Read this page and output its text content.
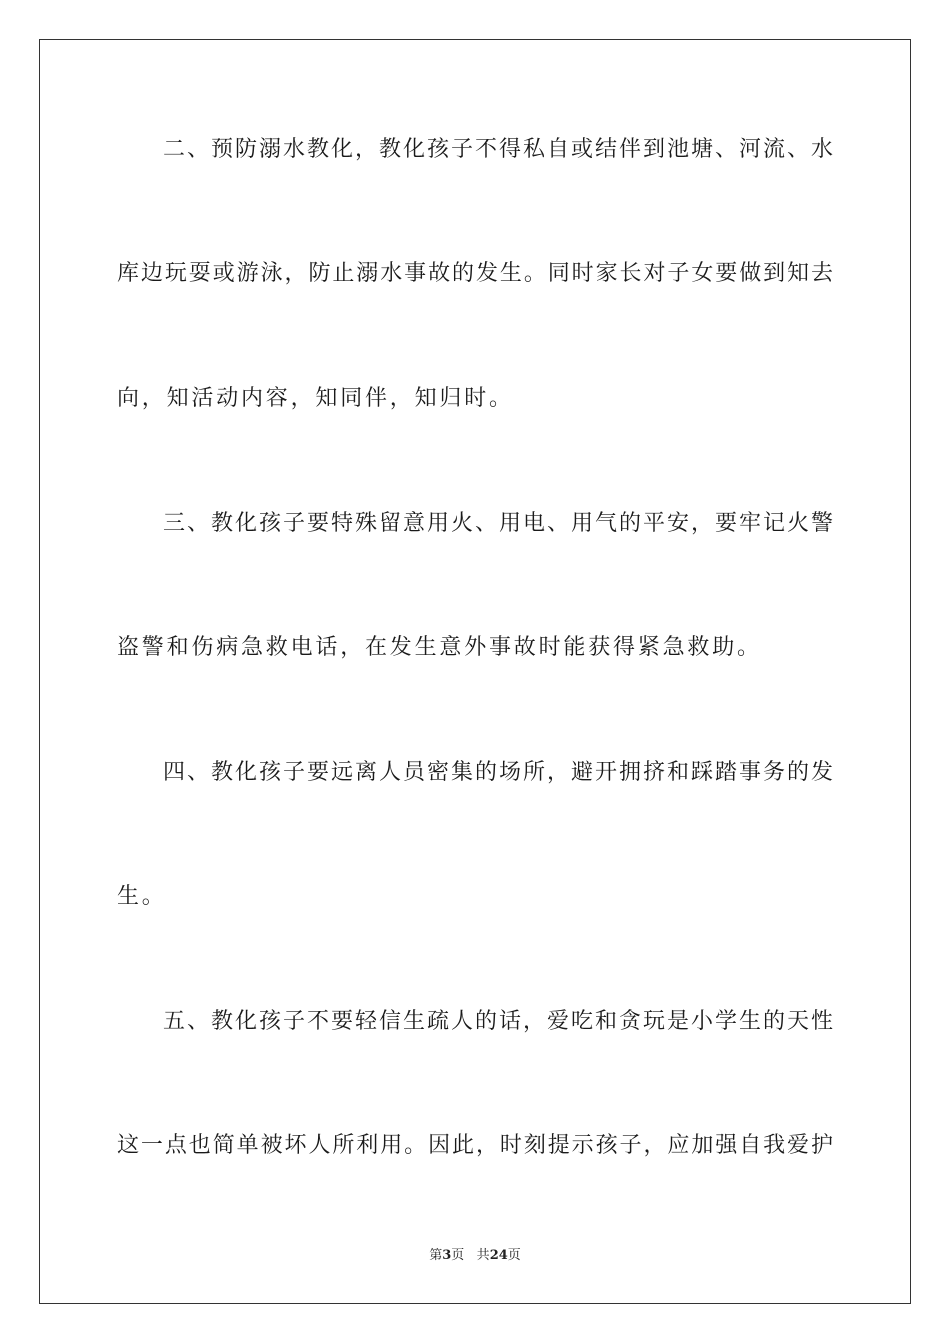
二、预防溺水教化，教化孩子不得私自或结伴到池塘、河流、水
库边玩耍或游泳，防止溺水事故的发生。同时家长对子女要做到知去
向，知活动内容，知同伴，知归时。
三、教化孩子要特殊留意用火、用电、用气的平安，要牢记火警
盗警和伤病急救电话，在发生意外事故时能获得紧急救助。
四、教化孩子要远离人员密集的场所，避开拥挤和踩踏事务的发
生。
五、教化孩子不要轻信生疏人的话，爱吃和贪玩是小学生的天性
这一点也简单被坏人所利用。因此，时刻提示孩子，应加强自我爱护
第3页 共24页
